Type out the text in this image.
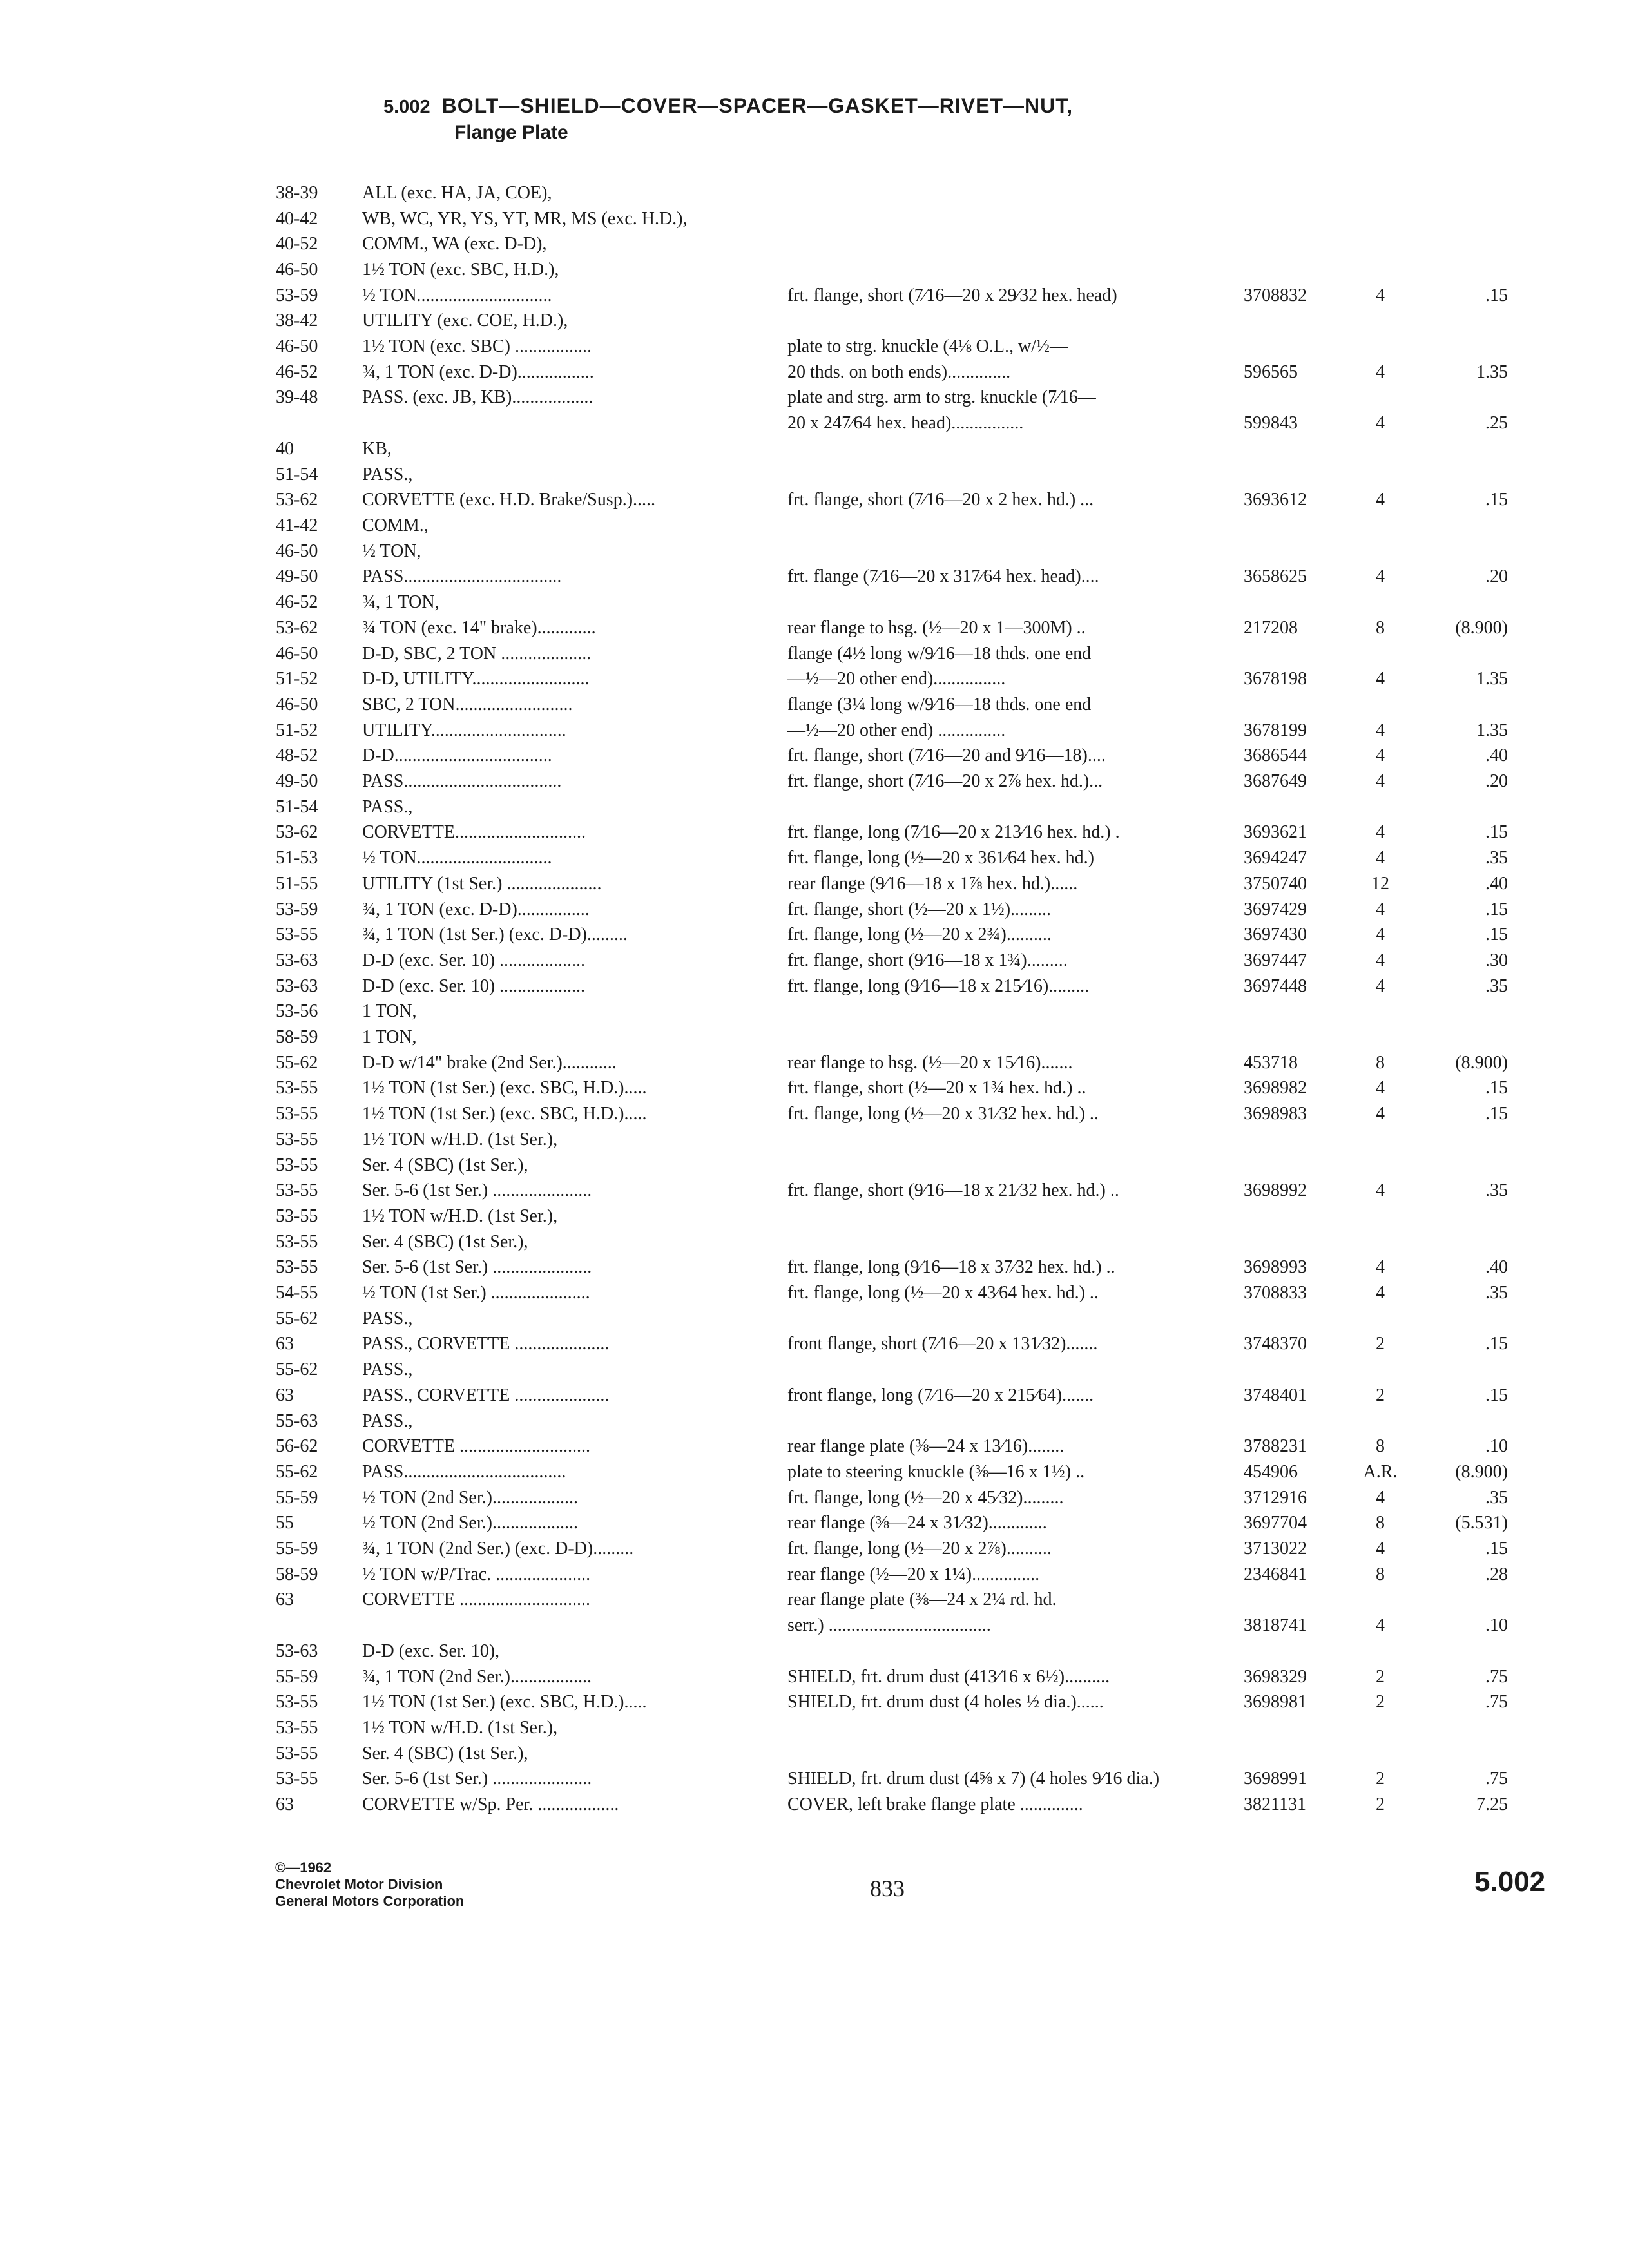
5.002 BOLT—SHIELD—COVER—SPACER—GASKET—RIVET—NUT,
Flange Plate
38-39 ALL (exc. HA, JA, COE),
40-42 WB, WC, YR, YS, YT, MR, MS (exc. H.D.),
40-52 COMM., WA (exc. D-D),
46-50 1½ TON (exc. SBC, H.D.),
53-59 ½ TON..............................	frt. flange, short (7⁄16—20 x 29⁄32 hex. head)	3708832	4	.15
38-42 UTILITY (exc. COE, H.D.),
46-50 1½ TON (exc. SBC) .................	plate to strg. knuckle (4⅛ O.L., w/½—
46-52 ¾, 1 TON (exc. D-D).................	20 thds. on both ends)..............	596565	4	1.35
39-48 PASS. (exc. JB, KB)..................	plate and strg. arm to strg. knuckle (7⁄16—
20 x 247⁄64 hex. head)................	599843	4	.25
40	KB,
51-54 PASS.,
53-62 CORVETTE (exc. H.D. Brake/Susp.).....	frt. flange, short (7⁄16—20 x 2 hex. hd.) ...	3693612	4	.15
41-42 COMM.,
46-50 ½ TON,
49-50 PASS...................................	frt. flange (7⁄16—20 x 317⁄64 hex. head)....	3658625	4	.20
46-52 ¾, 1 TON,
53-62 ¾ TON (exc. 14" brake).............	rear flange to hsg. (½—20 x 1—300M) ..	217208	8	(8.900)
46-50 D-D, SBC, 2 TON ....................	flange (4½ long w/9⁄16—18 thds. one end
51-52 D-D, UTILITY..........................	—½—20 other end)................	3678198	4	1.35
46-50 SBC, 2 TON..........................	flange (3¼ long w/9⁄16—18 thds. one end
51-52 UTILITY..............................	—½—20 other end) ...............	3678199	4	1.35
48-52 D-D...................................	frt. flange, short (7⁄16—20 and 9⁄16—18)....	3686544	4	.40
49-50 PASS...................................	frt. flange, short (7⁄16—20 x 2⅞ hex. hd.)...	3687649	4	.20
51-54 PASS.,
53-62 CORVETTE.............................	frt. flange, long (7⁄16—20 x 213⁄16 hex. hd.) .	3693621	4	.15
51-53 ½ TON..............................	frt. flange, long (½—20 x 361⁄64 hex. hd.)	3694247	4	.35
51-55 UTILITY (1st Ser.) .....................	rear flange (9⁄16—18 x 1⅞ hex. hd.)......	3750740	12	.40
53-59 ¾, 1 TON (exc. D-D)................	frt. flange, short (½—20 x 1½).........	3697429	4	.15
53-55 ¾, 1 TON (1st Ser.) (exc. D-D).........	frt. flange, long (½—20 x 2¾)..........	3697430	4	.15
53-63 D-D (exc. Ser. 10) ...................	frt. flange, short (9⁄16—18 x 1¾).........	3697447	4	.30
53-63 D-D (exc. Ser. 10) ...................	frt. flange, long (9⁄16—18 x 215⁄16).........	3697448	4	.35
53-56 1 TON,
58-59 1 TON,
55-62 D-D w/14" brake (2nd Ser.)............	rear flange to hsg. (½—20 x 15⁄16).......	453718	8	(8.900)
53-55 1½ TON (1st Ser.) (exc. SBC, H.D.).....	frt. flange, short (½—20 x 1¾ hex. hd.) ..	3698982	4	.15
53-55 1½ TON (1st Ser.) (exc. SBC, H.D.).....	frt. flange, long (½—20 x 31⁄32 hex. hd.) ..	3698983	4	.15
53-55 1½ TON w/H.D. (1st Ser.),
53-55 Ser. 4 (SBC) (1st Ser.),
53-55 Ser. 5-6 (1st Ser.) ......................	frt. flange, short (9⁄16—18 x 21⁄32 hex. hd.) ..	3698992	4	.35
53-55 1½ TON w/H.D. (1st Ser.),
53-55 Ser. 4 (SBC) (1st Ser.),
53-55 Ser. 5-6 (1st Ser.) ......................	frt. flange, long (9⁄16—18 x 37⁄32 hex. hd.) ..	3698993	4	.40
54-55 ½ TON (1st Ser.) ......................	frt. flange, long (½—20 x 43⁄64 hex. hd.) ..	3708833	4	.35
55-62 PASS.,
63	PASS., CORVETTE .....................	front flange, short (7⁄16—20 x 131⁄32).......	3748370	2	.15
55-62 PASS.,
63	PASS., CORVETTE .....................	front flange, long (7⁄16—20 x 215⁄64).......	3748401	2	.15
55-63 PASS.,
56-62 CORVETTE .............................	rear flange plate (⅜—24 x 13⁄16)........	3788231	8	.10
55-62 PASS....................................	plate to steering knuckle (⅜—16 x 1½) ..	454906	A.R.	(8.900)
55-59 ½ TON (2nd Ser.)...................	frt. flange, long (½—20 x 45⁄32).........	3712916	4	.35
55	½ TON (2nd Ser.)...................	rear flange (⅜—24 x 31⁄32).............	3697704	8	(5.531)
55-59 ¾, 1 TON (2nd Ser.) (exc. D-D).........	frt. flange, long (½—20 x 2⅞)..........	3713022	4	.15
58-59 ½ TON w/P/Trac. .....................	rear flange (½—20 x 1¼)...............	2346841	8	.28
63	CORVETTE .............................	rear flange plate (⅜—24 x 2¼ rd. hd.
serr.) ....................................	3818741	4	.10
53-63 D-D (exc. Ser. 10),
55-59 ¾, 1 TON (2nd Ser.)..................	SHIELD, frt. drum dust (413⁄16 x 6½)..........	3698329	2	.75
53-55 1½ TON (1st Ser.) (exc. SBC, H.D.).....	SHIELD, frt. drum dust (4 holes ½ dia.)......	3698981	2	.75
53-55 1½ TON w/H.D. (1st Ser.),
53-55 Ser. 4 (SBC) (1st Ser.),
53-55 Ser. 5-6 (1st Ser.) ......................	SHIELD, frt. drum dust (4⅝ x 7) (4 holes 9⁄16 dia.)	3698991	2	.75
63	CORVETTE w/Sp. Per. ..................	COVER, left brake flange plate ..............	3821131	2	7.25
©—1962
Chevrolet Motor Division
General Motors Corporation	833	5.002
